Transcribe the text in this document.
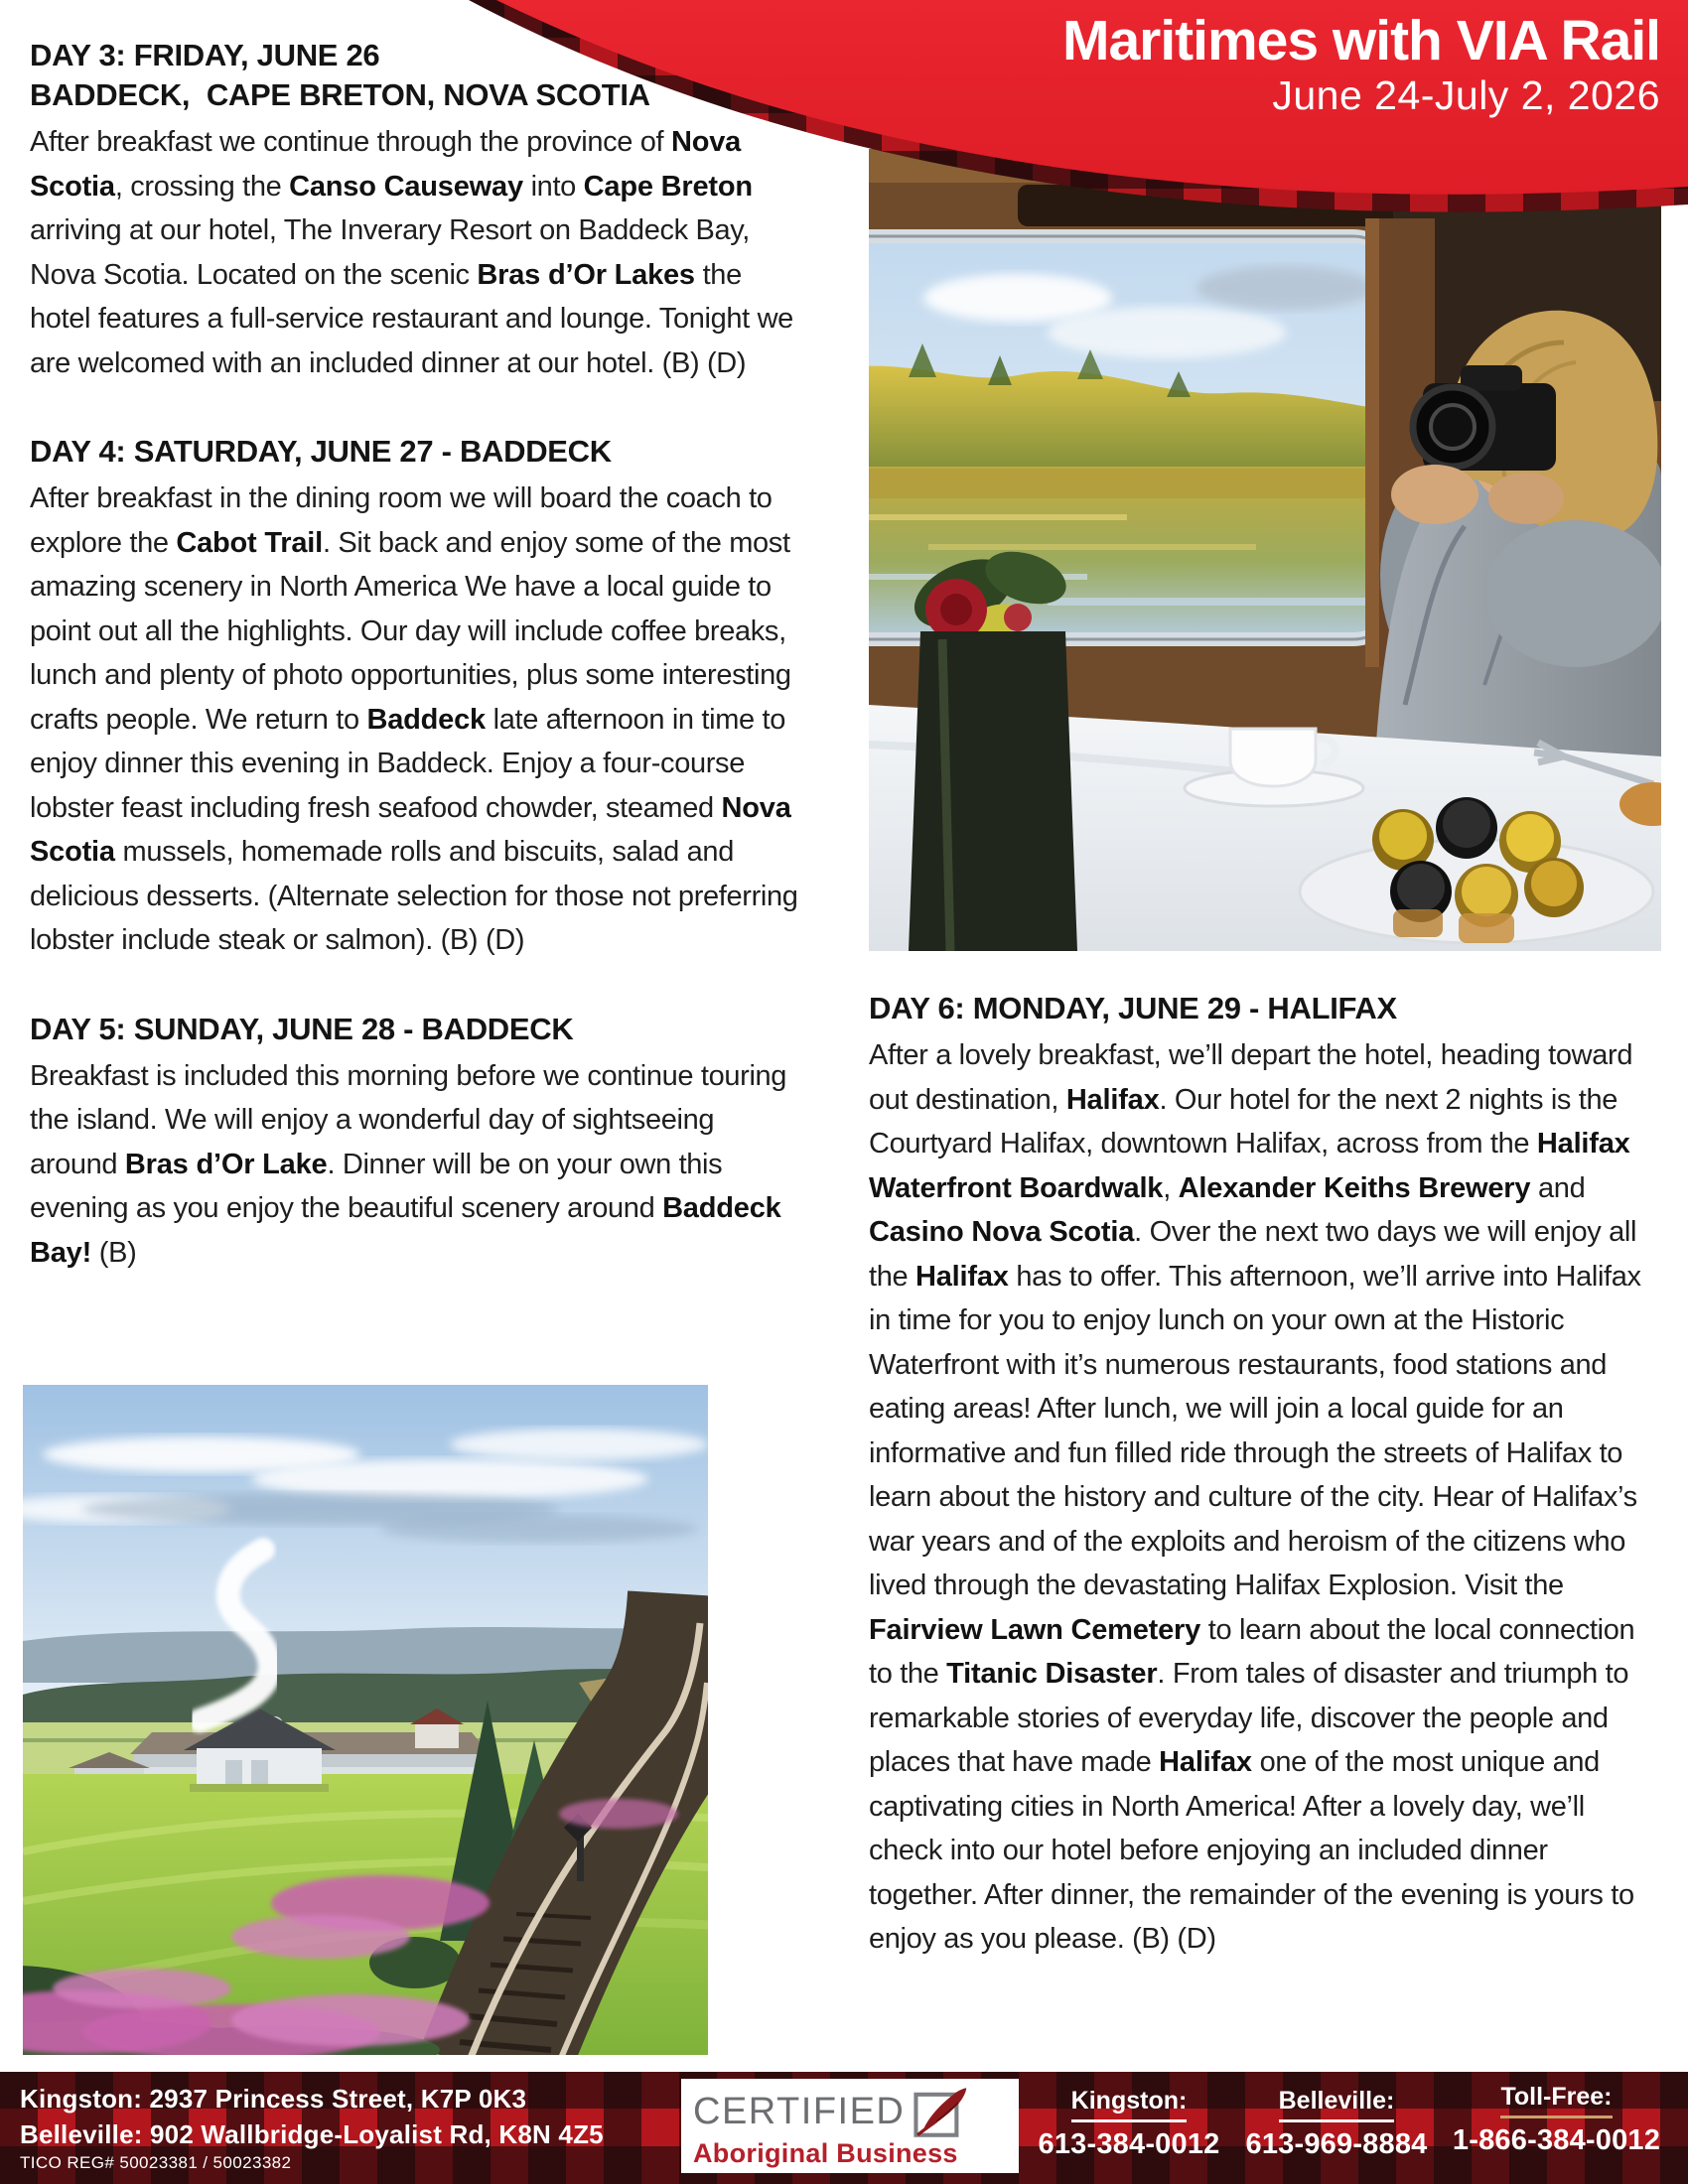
DAY 3: FRIDAY, JUNE 26
BADDECK,  CAPE BRETON, NOVA SCOTIA

After breakfast we continue through the province of Nova Scotia, crossing the Canso Causeway into Cape Breton arriving at our hotel, The Inverary Resort on Baddeck Bay, Nova Scotia. Located on the scenic Bras d’Or Lakes the hotel features a full-service restaurant and lounge. Tonight we are welcomed with an included dinner at our hotel. (B) (D)

DAY 4: SATURDAY, JUNE 27 - BADDECK

After breakfast in the dining room we will board the coach to explore the Cabot Trail. Sit back and enjoy some of the most amazing scenery in North America We have a local guide to point out all the highlights. Our day will include coffee breaks, lunch and plenty of photo opportunities, plus some interesting crafts people. We return to Baddeck late afternoon in time to enjoy dinner this evening in Baddeck. Enjoy a four-course lobster feast including fresh seafood chowder, steamed Nova Scotia mussels, homemade rolls and biscuits, salad and delicious desserts. (Alternate selection for those not preferring lobster include steak or salmon). (B) (D)

DAY 5: SUNDAY, JUNE 28 - BADDECK

Breakfast is included this morning before we continue touring the island. We will enjoy a wonderful day of sightseeing around Bras d’Or Lake. Dinner will be on your own this evening as you enjoy the beautiful scenery around Baddeck Bay! (B)

DAY 6: MONDAY, JUNE 29 - HALIFAX

After a lovely breakfast, we’ll depart the hotel, heading toward out destination, Halifax. Our hotel for the next 2 nights is the Courtyard Halifax, downtown Halifax, across from the Halifax Waterfront Boardwalk, Alexander Keiths Brewery and Casino Nova Scotia. Over the next two days we will enjoy all the Halifax has to offer. This afternoon, we’ll arrive into Halifax in time for you to enjoy lunch on your own at the Historic Waterfront with it’s numerous restaurants, food stations and eating areas! After lunch, we will join a local guide for an informative and fun filled ride through the streets of Halifax to learn about the history and culture of the city. Hear of Halifax’s war years and of the exploits and heroism of the citizens who lived through the devastating Halifax Explosion. Visit the Fairview Lawn Cemetery to learn about the local connection to the Titanic Disaster. From tales of disaster and triumph to remarkable stories of everyday life, discover the people and places that have made Halifax one of the most unique and captivating cities in North America! After a lovely day, we’ll check into our hotel before enjoying an included dinner together. After dinner, the remainder of the evening is yours to enjoy as you please. (B) (D)

Maritimes with VIA Rail
June 24-July 2, 2026
Kingston: 2937 Princess Street, K7P 0K3
Belleville: 902 Wallbridge-Loyalist Rd, K8N 4Z5
TICO REG# 50023381 / 50023382
CERTIFIED
Aboriginal Business
Kingston:
613-384-0012
Belleville:
613-969-8884
Toll-Free:
1-866-384-0012
